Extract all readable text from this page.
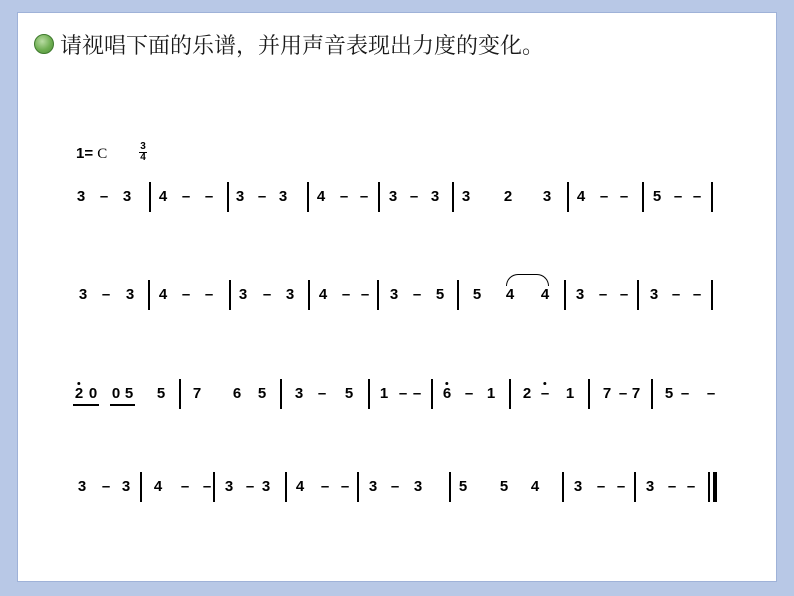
请视唱下面的乐谱，并用声音表现出力度的变化。
1= C	3
4
3 – 3 4 – – 3 – 3 4 – – 3 – 3 3 2 3 4 – – 5 – –
3 – 3 4 – – 3 – 3 4 – – 3 – 5 5 4 4 3 – – 3 – –
2 0 0 5 5 7 6 5 3 – 5 1 – – 6 – 1 2 – 1 7 – 7 5 – –
3 – 3 4 – – 3 – 3 4 – – 3 – 3 5 5 4 3 – – 3 – –
